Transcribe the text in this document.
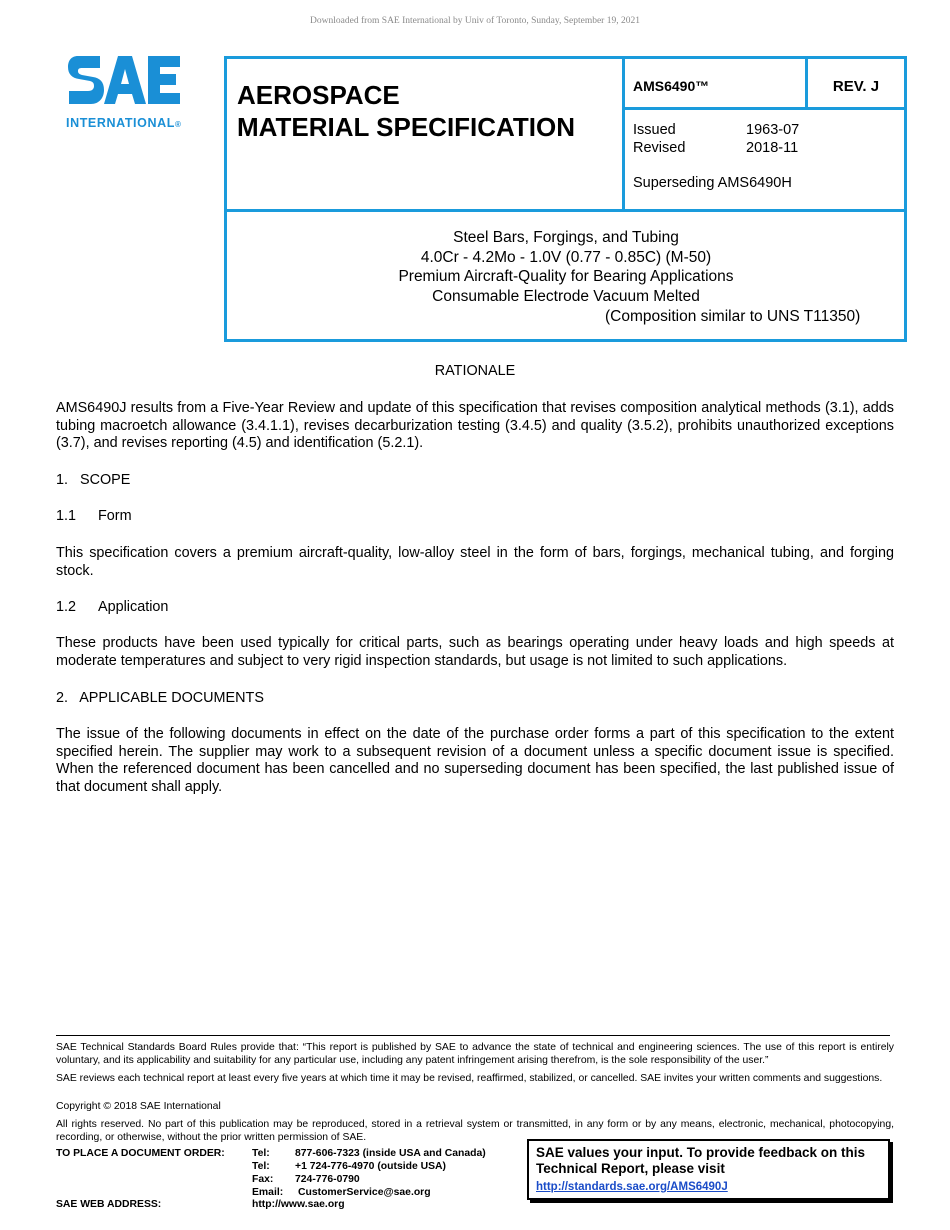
Downloaded from SAE International by Univ of Toronto, Sunday, September 19, 2021
INTERNATIONAL®
AEROSPACE
MATERIAL SPECIFICATION
AMS6490™	REV. J
Issued	1963-07
Revised	2018-11
Superseding AMS6490H
Steel Bars, Forgings, and Tubing
4.0Cr - 4.2Mo - 1.0V (0.77 - 0.85C) (M-50)
Premium Aircraft-Quality for Bearing Applications
Consumable Electrode Vacuum Melted
(Composition similar to UNS T11350)
RATIONALE
AMS6490J results from a Five-Year Review and update of this specification that revises composition analytical methods (3.1), adds tubing macroetch allowance (3.4.1.1), revises decarburization testing (3.4.5) and quality (3.5.2), prohibits unauthorized exceptions (3.7), and revises reporting (4.5) and identification (5.2.1).
1.   SCOPE
1.1 Form
This specification covers a premium aircraft-quality, low-alloy steel in the form of bars, forgings, mechanical tubing, and forging stock.
1.2 Application
These products have been used typically for critical parts, such as bearings operating under heavy loads and high speeds at moderate temperatures and subject to very rigid inspection standards, but usage is not limited to such applications.
2.   APPLICABLE DOCUMENTS
The issue of the following documents in effect on the date of the purchase order forms a part of this specification to the extent specified herein. The supplier may work to a subsequent revision of a document unless a specific document issue is specified. When the referenced document has been cancelled and no superseding document has been specified, the last published issue of that document shall apply.
SAE Technical Standards Board Rules provide that: “This report is published by SAE to advance the state of technical and engineering sciences. The use of this report is entirely voluntary, and its applicability and suitability for any particular use, including any patent infringement arising therefrom, is the sole responsibility of the user.”
SAE reviews each technical report at least every five years at which time it may be revised, reaffirmed, stabilized, or cancelled. SAE invites your written comments and suggestions.
Copyright © 2018 SAE International
All rights reserved. No part of this publication may be reproduced, stored in a retrieval system or transmitted, in any form or by any means, electronic, mechanical, photocopying, recording, or otherwise, without the prior written permission of SAE.
TO PLACE A DOCUMENT ORDER:	Tel: 877-606-7323 (inside USA and Canada)
Tel: +1 724-776-4970 (outside USA)
Fax: 724-776-0790
Email: CustomerService@sae.org
SAE WEB ADDRESS:	http://www.sae.org
SAE values your input. To provide feedback on this Technical Report, please visit
http://standards.sae.org/AMS6490J
